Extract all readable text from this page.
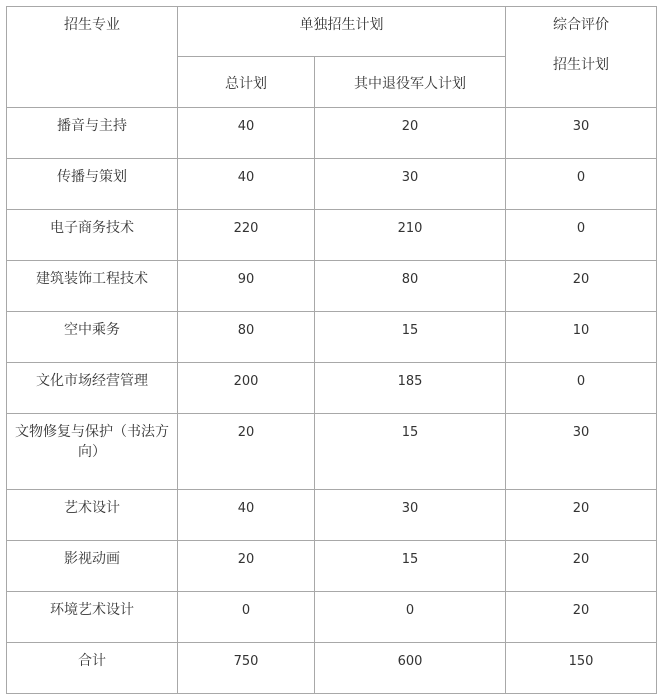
招生专业	单独招生计划		综合评价
招生计划

	总计划	其中退役军人计划	
播音与主持	40	20	30
传播与策划	40	30	0
电子商务技术	220	210	0
建筑装饰工程技术	90	80	20
空中乘务	80	15	10
文化市场经营管理	200	185	0
文物修复与保护（书法方向）	20	15	30
艺术设计	40	30	20
影视动画	20	15	20
环境艺术设计	0	0	20
合计	750	600	150
